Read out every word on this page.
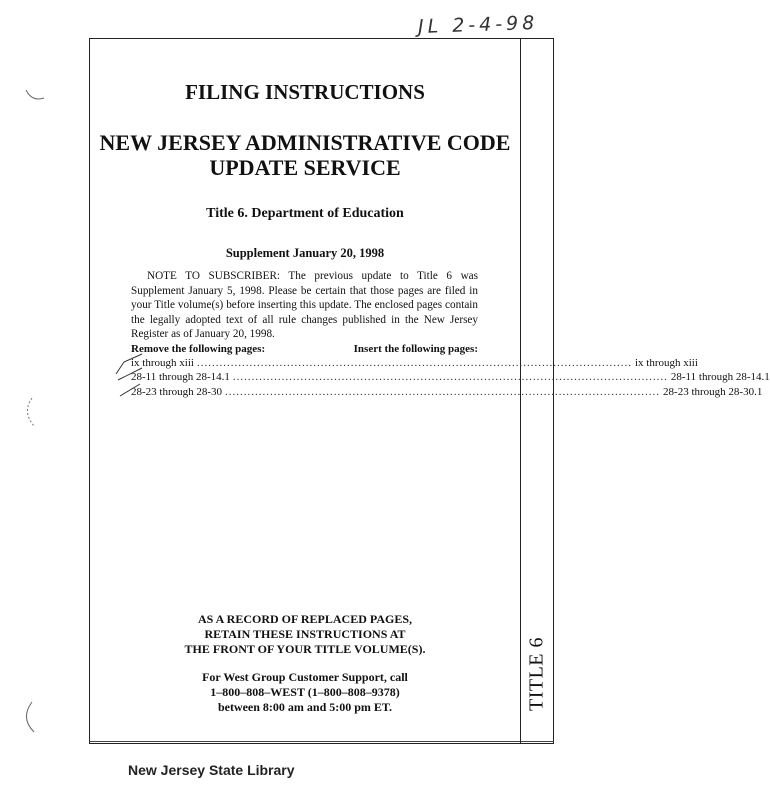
JL 2-4-98
TITLE 6
FILING INSTRUCTIONS
NEW JERSEY ADMINISTRATIVE CODE
UPDATE SERVICE
Title 6. Department of Education
Supplement January 20, 1998
NOTE TO SUBSCRIBER: The previous update to Title 6 was Supplement January 5, 1998. Please be certain that those pages are filed in your Title volume(s) before inserting this update. The enclosed pages contain the legally adopted text of all rule changes published in the New Jersey Register as of January 20, 1998.
Remove the following pages:	Insert the following pages:
ix through xiii .................................................................................................................... ix through xiii
28-11 through 28-14.1 .................................................................................................................... 28-11 through 28-14.1
28-23 through 28-30 .................................................................................................................... 28-23 through 28-30.1
AS A RECORD OF REPLACED PAGES,
RETAIN THESE INSTRUCTIONS AT
THE FRONT OF YOUR TITLE VOLUME(S).
For West Group Customer Support, call
1–800–808–WEST (1–800–808–9378)
between 8:00 am and 5:00 pm ET.
New Jersey State Library
